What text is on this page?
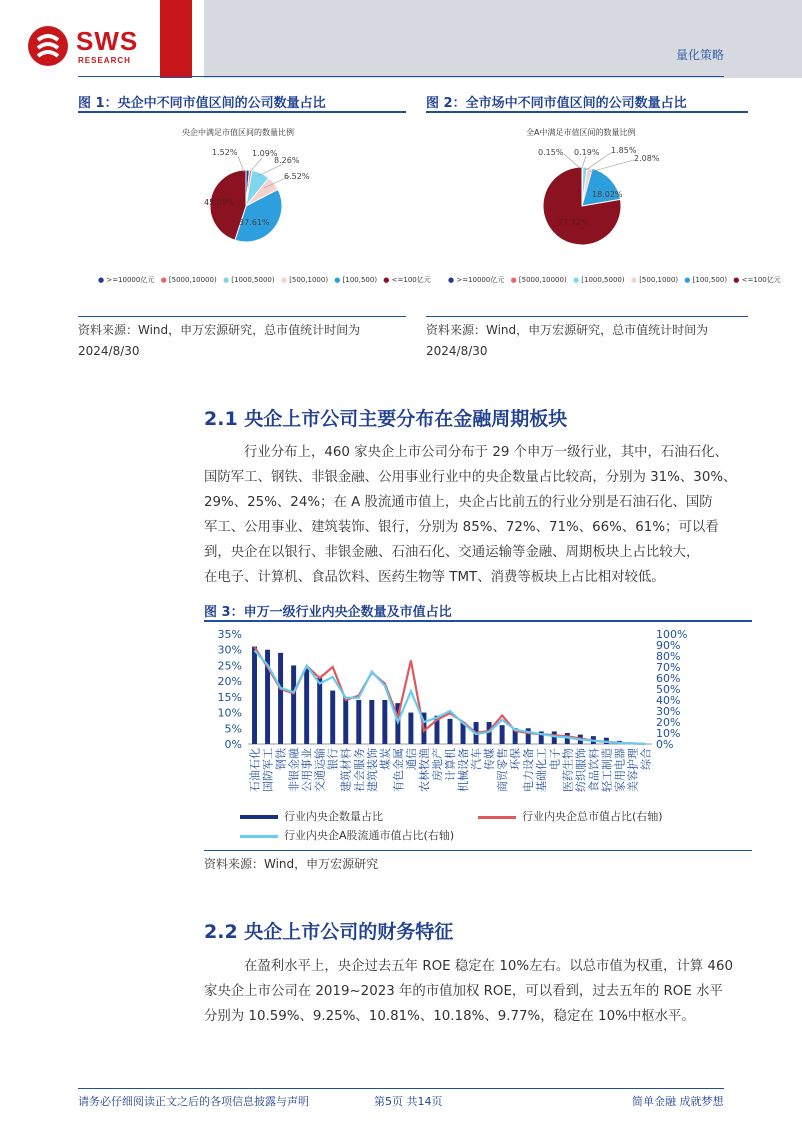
SWS
RESEARCH	量化策略
图 1：央企中不同市值区间的公司数量占比
央企中满足市值区间的数量比例
1.52% 1.09%
8.26%
6.52%
37.61%
45.00%
● >=10000亿元 ● [5000,10000) ● [1000,5000) ● [500,1000) ● [100,500) ● <=100亿元
资料来源：Wind，申万宏源研究，总市值统计时间为
2024/8/30
图 2：全市场中不同市值区间的公司数量占比
全A中满足市值区间的数量比例
0.15% 0.19% 1.85%
2.08%
18.02%
77.72%
● >=10000亿元 ● [5000,10000) ● [1000,5000) ● [500,1000) ● [100,500) ● <=100亿元
资料来源：Wind，申万宏源研究，总市值统计时间为
2024/8/30
2.1 央企上市公司主要分布在金融周期板块
行业分布上，460 家央企上市公司分布于 29 个申万一级行业，其中，石油石化、
国防军工、钢铁、非银金融、公用事业行业中的央企数量占比较高，分别为 31%、30%、
29%、25%、24%；在 A 股流通市值上，央企占比前五的行业分别是石油石化、国防
军工、公用事业、建筑装饰、银行，分别为 85%、72%、71%、66%、61%；可以看
到，央企在以银行、非银金融、石油石化、交通运输等金融、周期板块上占比较大，
在电子、计算机、食品饮料、医药生物等 TMT、消费等板块上占比相对较低。
图 3：申万一级行业内央企数量及市值占比
35%
30%
25%
20%
15%
10%
5%
0%
100%
90%
80%
70%
60%
50%
40%
30%
20%
10%
0%
石油石化 国防军工 钢铁 非银金融 公用事业 交通运输 银行 建筑材料 社会服务 建筑装饰 煤炭 有色金属 通信 农林牧渔 房地产 计算机 机械设备 汽车 传媒 商贸零售 环保 电力设备 基础化工 电子 医药生物 纺织服饰 食品饮料 轻工制造 家用电器 美容护理 综合
行业内央企数量占比	行业内央企总市值占比(右轴)
行业内央企A股流通市值占比(右轴)
资料来源：Wind，申万宏源研究
2.2 央企上市公司的财务特征
在盈利水平上，央企过去五年 ROE 稳定在 10%左右。以总市值为权重，计算 460
家央企上市公司在 2019~2023 年的市值加权 ROE，可以看到，过去五年的 ROE 水平
分别为 10.59%、9.25%、10.81%、10.18%、9.77%，稳定在 10%中枢水平。
请务必仔细阅读正文之后的各项信息披露与声明	第5页 共14页	简单金融 成就梦想
